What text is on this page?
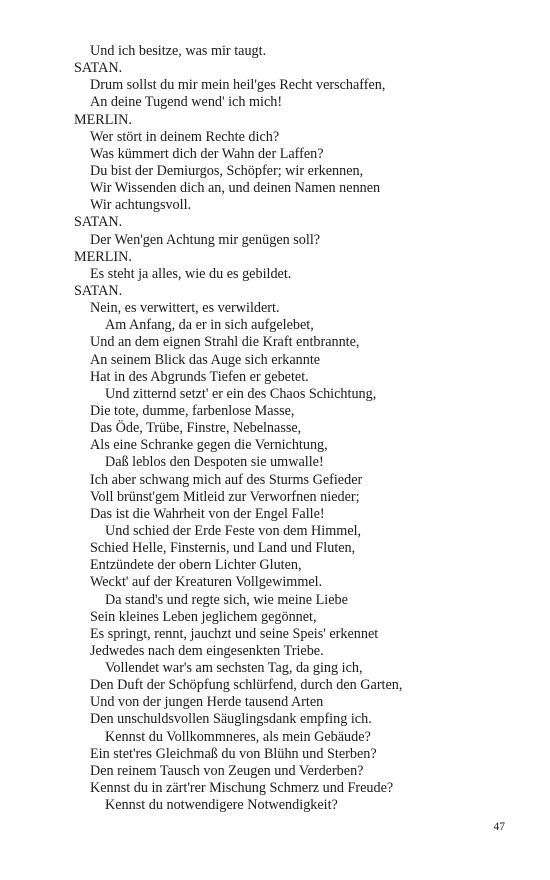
Und ich besitze, was mir taugt.
SATAN.
Drum sollst du mir mein heil'ges Recht verschaffen,
An deine Tugend wend' ich mich!
MERLIN.
Wer stört in deinem Rechte dich?
Was kümmert dich der Wahn der Laffen?
Du bist der Demiurgos, Schöpfer; wir erkennen,
Wir Wissenden dich an, und deinen Namen nennen
Wir achtungsvoll.
SATAN.
Der Wen'gen Achtung mir genügen soll?
MERLIN.
Es steht ja alles, wie du es gebildet.
SATAN.
Nein, es verwittert, es verwildert.
Am Anfang, da er in sich aufgelebet,
Und an dem eignen Strahl die Kraft entbrannte,
An seinem Blick das Auge sich erkannte
Hat in des Abgrunds Tiefen er gebetet.
Und zitternd setzt' er ein des Chaos Schichtung,
Die tote, dumme, farbenlose Masse,
Das Öde, Trübe, Finstre, Nebelnasse,
Als eine Schranke gegen die Vernichtung,
Daß leblos den Despoten sie umwalle!
Ich aber schwang mich auf des Sturms Gefieder
Voll brünst'gem Mitleid zur Verworfnen nieder;
Das ist die Wahrheit von der Engel Falle!
Und schied der Erde Feste von dem Himmel,
Schied Helle, Finsternis, und Land und Fluten,
Entzündete der obern Lichter Gluten,
Weckt' auf der Kreaturen Vollgewimmel.
Da stand's und regte sich, wie meine Liebe
Sein kleines Leben jeglichem gegönnet,
Es springt, rennt, jauchzt und seine Speis' erkennet
Jedwedes nach dem eingesenkten Triebe.
Vollendet war's am sechsten Tag, da ging ich,
Den Duft der Schöpfung schlürfend, durch den Garten,
Und von der jungen Herde tausend Arten
Den unschuldsvollen Säuglingsdank empfing ich.
Kennst du Vollkommneres, als mein Gebäude?
Ein stet'res Gleichmaß du von Blühn und Sterben?
Den reinem Tausch von Zeugen und Verderben?
Kennst du in zärt'rer Mischung Schmerz und Freude?
Kennst du notwendigere Notwendigkeit?
47
